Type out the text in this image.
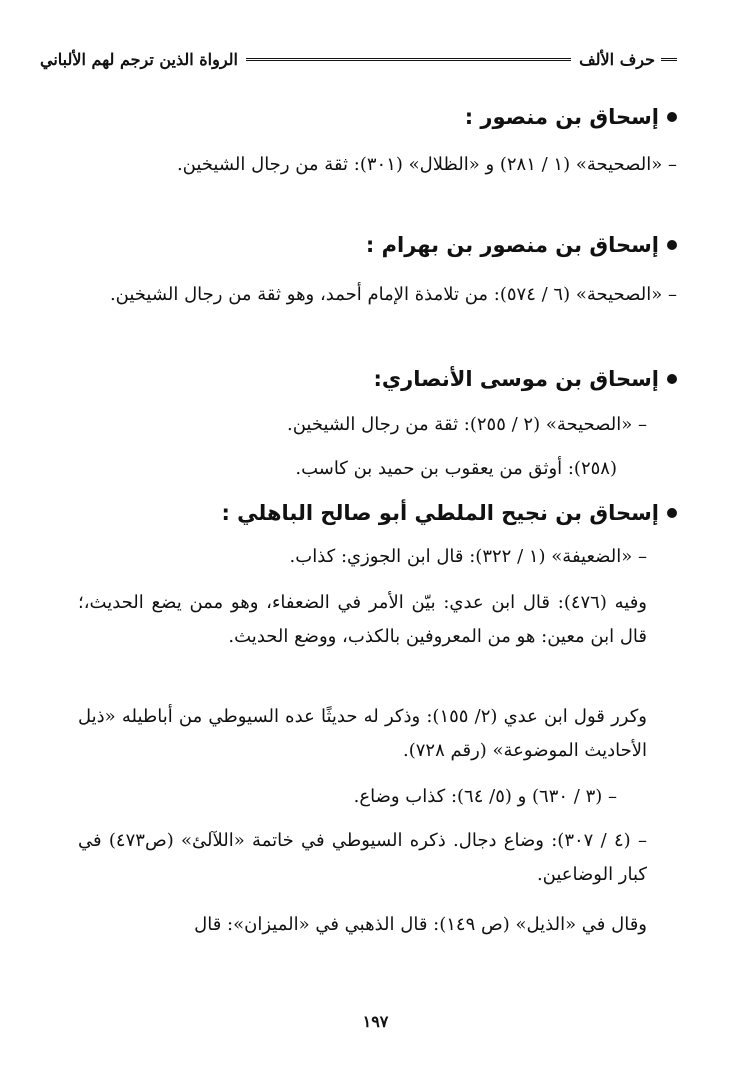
حرف الألف
الرواة الذين ترجم لهم الألباني
إسحاق بن منصور :

– «الصحيحة» (١ / ٢٨١) و «الظلال» (٣٠١): ثقة من رجال الشيخين.

إسحاق بن منصور بن بهرام :

– «الصحيحة» (٦ / ٥٧٤): من تلامذة الإمام أحمد، وهو ثقة من رجال الشيخين.

إسحاق بن موسى الأنصاري:

– «الصحيحة» (٢ / ٢٥٥): ثقة من رجال الشيخين.

(٢٥٨): أوثق من يعقوب بن حميد بن كاسب.

إسحاق بن نجيح الملطي أبو صالح الباهلي :

– «الضعيفة» (١ / ٣٢٢): قال ابن الجوزي: كذاب.

وفيه (٤٧٦): قال ابن عدي: بيّن الأمر في الضعفاء، وهو ممن يضع الحديث،؛ قال ابن معين: هو من المعروفين بالكذب، ووضع الحديث.

وكرر قول ابن عدي (٢/ ١٥٥): وذكر له حديثًا عده السيوطي من أباطيله «ذيل الأحاديث الموضوعة» (رقم ٧٢٨).

– (٣ / ٦٣٠) و (٥/ ٦٤): كذاب وضاع.

– (٤ / ٣٠٧): وضاع دجال. ذكره السيوطي في خاتمة «اللآلئ» (ص٤٧٣) في كبار الوضاعين.

وقال في «الذيل» (ص ١٤٩): قال الذهبي في «الميزان»: قال

١٩٧
